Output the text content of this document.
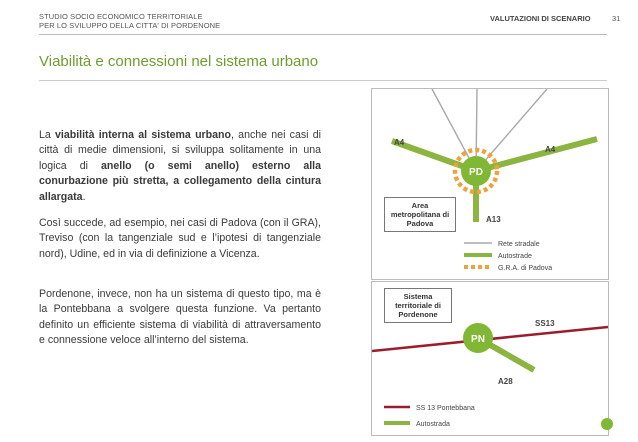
STUDIO SOCIO ECONOMICO TERRITORIALE
PER LO SVILUPPO DELLA CITTA' DI PORDENONE
VALUTAZIONI DI SCENARIO	31
Viabilità e connessioni nel sistema urbano

La viabilità interna al sistema urbano, anche nei casi di città di medie dimensioni, si sviluppa solitamente in una logica di anello (o semi anello) esterno alla conurbazione più stretta, a collegamento della cintura allargata.

Così succede, ad esempio, nei casi di Padova (con il GRA), Treviso (con la tangenziale sud e l’ipotesi di tangenziale nord), Udine, ed in via di definizione a Vicenza.

Pordenone, invece, non ha un sistema di questo tipo, ma è la Pontebbana a svolgere questa funzione. Va pertanto definito un efficiente sistema di viabilità di attraversamento e connessione veloce all’interno del sistema.

PD
A4
A4
A13
Rete stradale
Autostrade
G.R.A. di Padova
Area metropolitana di Padova
PN
SS13
A28
SS 13 Pontebbana
Autostrada
Sistema territoriale di Pordenone
